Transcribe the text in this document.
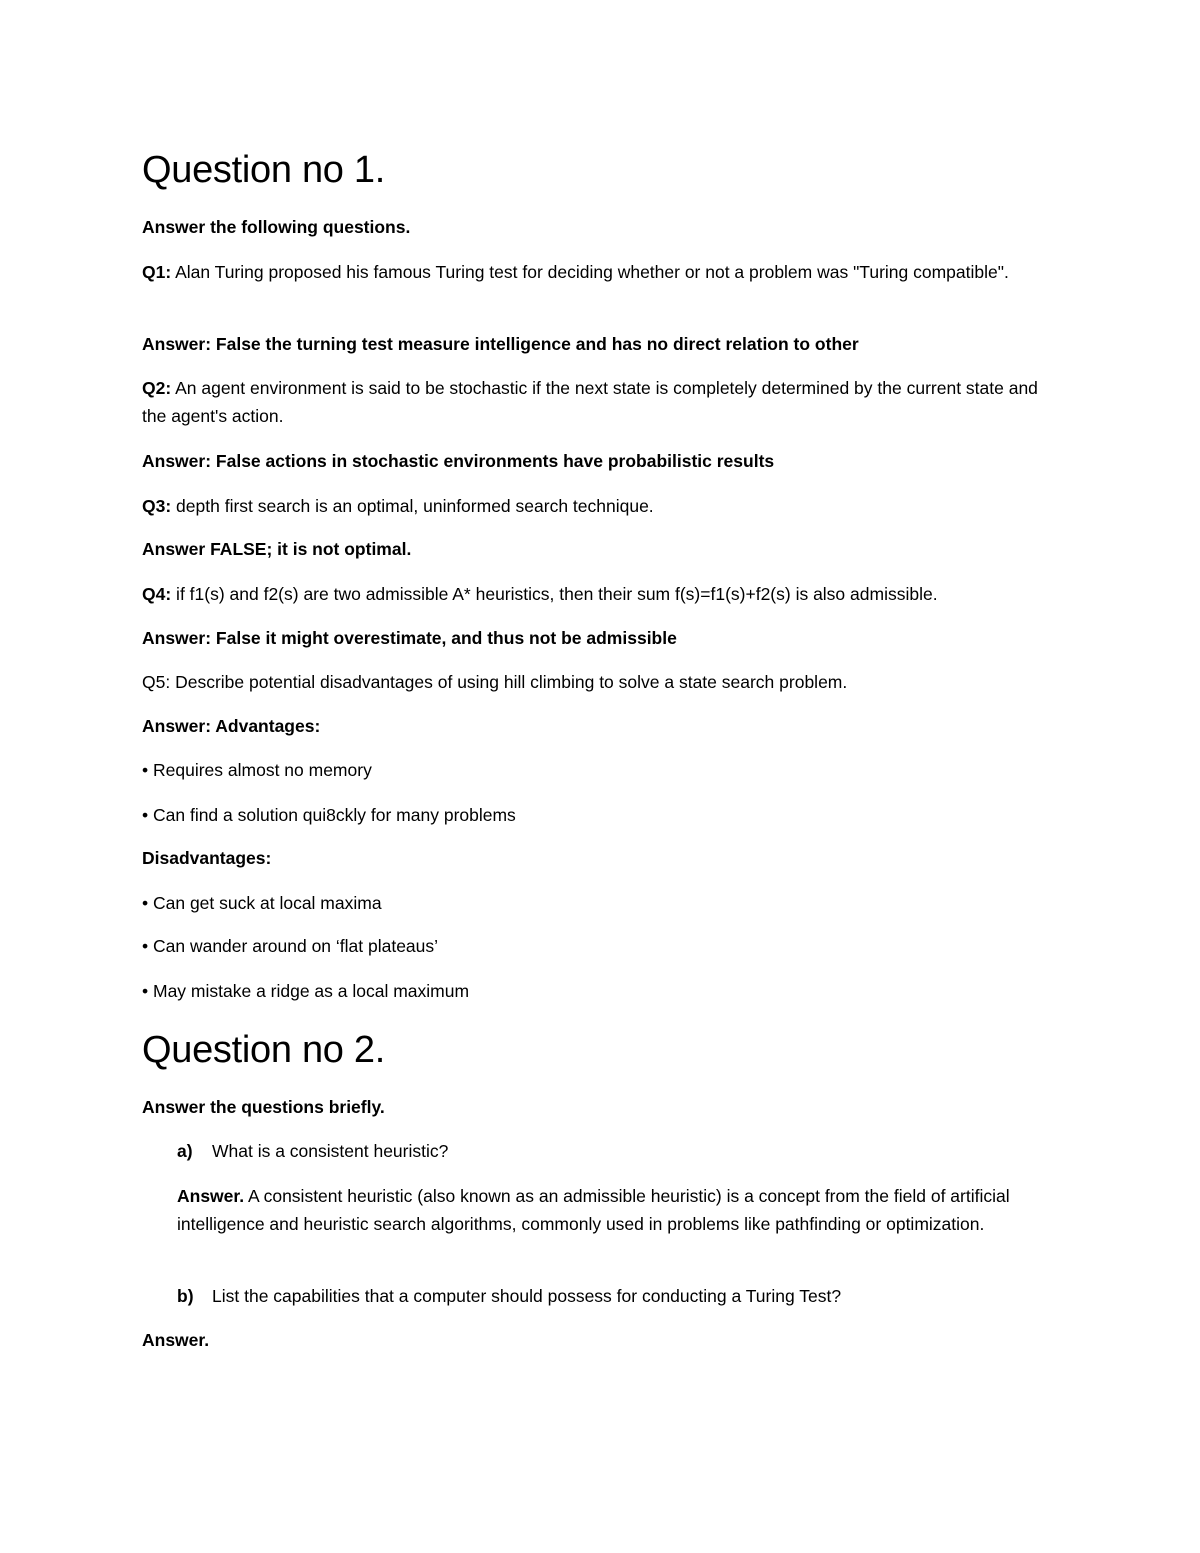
Question no 1.

Answer the following questions.

Q1: Alan Turing proposed his famous Turing test for deciding whether or not a problem was "Turing compatible".

Answer: False the turning test measure intelligence and has no direct relation to other

Q2: An agent environment is said to be stochastic if the next state is completely determined by the current state and the agent's action.

Answer: False actions in stochastic environments have probabilistic results

Q3: depth first search is an optimal, uninformed search technique.

Answer FALSE; it is not optimal.

Q4: if f1(s) and f2(s) are two admissible A* heuristics, then their sum f(s)=f1(s)+f2(s) is also admissible.

Answer: False it might overestimate, and thus not be admissible

Q5: Describe potential disadvantages of using hill climbing to solve a state search problem.

Answer: Advantages:

• Requires almost no memory

• Can find a solution qui8ckly for many problems

Disadvantages:

• Can get suck at local maxima

• Can wander around on ‘flat plateaus’

• May mistake a ridge as a local maximum

Question no 2.

Answer the questions briefly.

a) What is a consistent heuristic?

Answer. A consistent heuristic (also known as an admissible heuristic) is a concept from the field of artificial intelligence and heuristic search algorithms, commonly used in problems like pathfinding or optimization.

b) List the capabilities that a computer should possess for conducting a Turing Test?

Answer.
